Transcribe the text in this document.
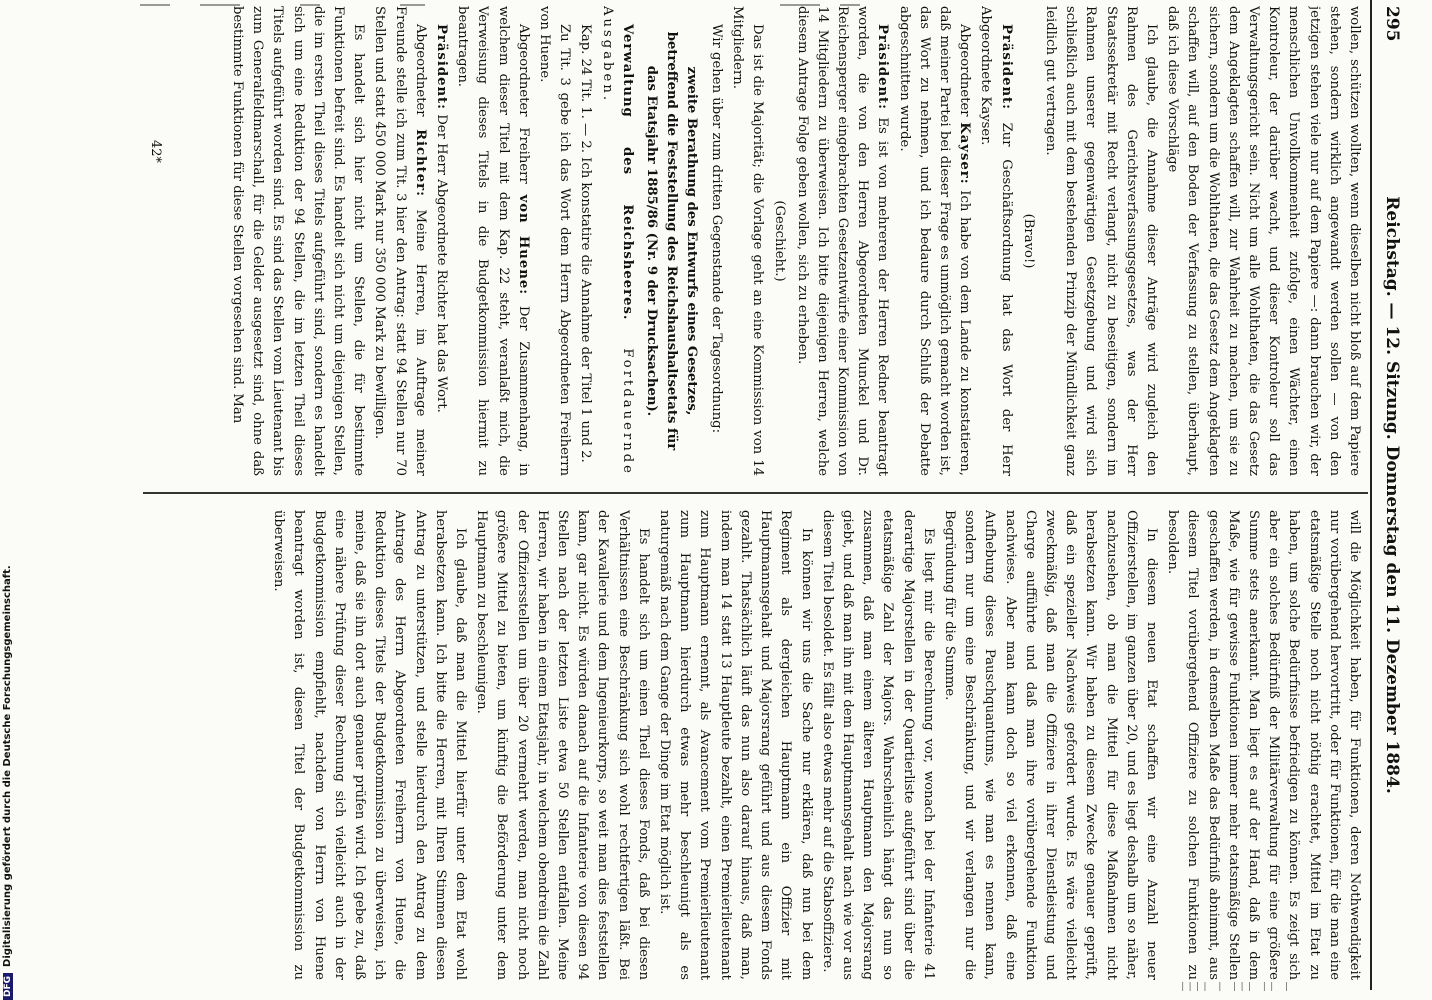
295
Reichstag. — 12. Sitzung. Donnerstag den 11. Dezember 1884.

wollen, schützen wollten, wenn dieselben nicht bloß auf dem Papiere stehen, sondern wirklich angewandt werden sollen — von den jetzigen stehen viele nur auf dem Papiere —: dann brauchen wir, der menschlichen Unvollkommenheit zufolge, einen Wächter, einen Kontroleur, der darüber wacht, und dieser Kontroleur soll das Verwaltungsgericht sein. Nicht um alle Wohlthaten, die das Gesetz dem Angeklagten schaffen will, zur Wahrheit zu machen, um sie zu sichern, sondern um die Wohlthaten, die das Gesetz dem Angeklagten schaffen will, auf den Boden der Verfassung zu stellen, überhaupt, daß ich diese Vorschläge

Ich glaube, die Annahme dieser Anträge wird zugleich den Rahmen des Gerichtsverfassungsgesetzes, was der Herr Staatssekretär mit Recht verlangt, nicht zu beseitigen, sondern im Rahmen unserer gegenwärtigen Gesetzgebung und wird sich schließlich auch mit dem bestehenden Prinzip der Mündlichkeit ganz leidlich gut vertragen.

(Bravo!)

Präsident: Zur Geschäftsordnung hat das Wort der Herr Abgeordnete Kayser.

Abgeordneter Kayser: Ich habe von dem Lande zu konstatieren, daß meiner Partei bei dieser Frage es unmöglich gemacht worden ist, das Wort zu nehmen, und ich bedaure durch Schluß der Debatte abgeschnitten wurde.

Präsident: Es ist von mehreren der Herren Redner beantragt worden, die von den Herren Abgeordneten Munckel und Dr. Reichensperger eingebrachten Gesetzentwürfe einer Kommission von 14 Mitgliedern zu überweisen. Ich bitte diejenigen Herren, welche diesem Antrage Folge geben wollen, sich zu erheben.

(Geschieht.)

Das ist die Majorität; die Vorlage geht an eine Kommission von 14 Mitgliedern.

Wir gehen über zum dritten Gegenstande der Tagesordnung:

zweite Berathung des Entwurfs eines Gesetzes, betreffend die Feststellung des Reichshaushaltsetats für das Etatsjahr 1885/86 (Nr. 9 der Drucksachen).

Verwaltung des Reichsheeres. Fortdauernde Ausgaben.

Kap. 24 Tit. 1. — 2. Ich konstatire die Annahme der Titel 1 und 2.

Zu Tit. 3 gebe ich das Wort dem Herrn Abgeordneten Freiherrn von Huene.

Abgeordneter Freiherr von Huene: Der Zusammenhang, in welchem dieser Titel mit dem Kap. 22 steht, veranlaßt mich, die Verweisung dieses Titels in die Budgetkommission hiermit zu beantragen.

Präsident: Der Herr Abgeordnete Richter hat das Wort.

Abgeordneter Richter: Meine Herren, im Auftrage meiner Freunde stelle ich zum Tit. 3 hier den Antrag: statt 94 Stellen nur 70 Stellen und statt 450 000 Mark nur 350 000 Mark zu bewilligen.

Es handelt sich hier nicht um Stellen, die für bestimmte Funktionen befreit sind. Es handelt sich nicht um diejenigen Stellen, die im ersten Theil dieses Titels aufgeführt sind, sondern es handelt sich um eine Reduktion der 94 Stellen, die im letzten Theil dieses Titels aufgeführt worden sind. Es sind das Stellen vom Lieutenant bis zum Generalfeldmarschall, für die Gelder ausgesetzt sind, ohne daß bestimmte Funktionen für diese Stellen vorgesehen sind. Man

will die Möglichkeit haben, für Funktionen, deren Nothwendigkeit nur vorübergehend hervortritt, oder für Funktionen, für die man eine etatsmäßige Stelle noch nicht nöthig erachtet, Mittel im Etat zu haben, um solche Bedürfnisse befriedigen zu können. Es zeigt sich aber ein solches Bedürfniß der Militärverwaltung für eine größere Summe stets anerkannt. Man liegt es auf der Hand, daß in dem Maße, wie für gewisse Funktionen immer mehr etatsmäßige Stellen geschaffen werden, in demselben Maße das Bedürfniß abnimmt, aus diesem Titel vorübergehend Offiziere zu solchen Funktionen zu besolden.

In diesem neuen Etat schaffen wir eine Anzahl neuer Offizierstellen, im ganzen über 20, und es liegt deshalb um so näher, nachzusehen, ob man die Mittel für diese Maßnahmen nicht herabsetzen kann. Wir haben zu diesem Zwecke genauer geprüft, daß ein spezieller Nachweis gefordert wurde. Es wäre vielleicht zweckmäßig, daß man die Offiziere in ihrer Dienstleistung und Charge aufführte und daß man ihre vorübergehende Funktion nachwiese. Aber man kann doch so viel erkennen, daß eine Aufhebung dieses Pauschquantums, wie man es nennen kann, sondern nur um eine Beschränkung, und wir verlangen nur die Begründung für die Summe.

Es liegt mir die Berechnung vor, wonach bei der Infanterie 41 derartige Majorstellen in der Quartierliste aufgeführt sind über die etatsmäßige Zahl der Majors. Wahrscheinlich hängt das nun so zusammen, daß man einem älteren Hauptmann den Majorsrang giebt, und daß man ihn mit dem Hauptmannsgehalt nach wie vor aus diesem Titel besoldet. Es fällt also etwas mehr auf die Stabsoffiziere.

In können wir uns die Sache nur erklären, daß nun bei dem Regiment als dergleichen Hauptmann ein Offizier mit Hauptmannsgehalt und Majorsrang geführt und aus diesem Fonds gezahlt. Thatsächlich läuft das nun also darauf hinaus, daß man, indem man 14 statt 13 Hauptleute bezahlt, einen Premierlieutenant zum Hauptmann ernennt, als Avancement vom Premierlieutenant zum Hauptmann hierdurch etwas mehr beschleunigt als es naturgemäß nach dem Gange der Dinge im Etat möglich ist.

Es handelt sich um einen Theil dieses Fonds, daß bei diesen Verhältnissen eine Beschränkung sich wohl rechtfertigen läßt. Bei der Kavallerie und dem Ingenieurkorps, so weit man dies feststellen kann, gar nicht. Es würden danach auf die Infanterie von diesen 94 Stellen nach der letzten Liste etwa 50 Stellen entfallen. Meine Herren, wir haben in einem Etatsjahr, in welchem obendrein die Zahl der Offiziersstellen um über 20 vermehrt werden, man nicht noch größere Mittel zu bieten, um künftig die Beförderung unter dem Hauptmann zu beschleunigen.

Ich glaube, daß man die Mittel hierfür unter dem Etat wohl herabsetzen kann. Ich bitte die Herren, mit Ihren Stimmen diesen Antrag zu unterstützen, und stelle hierdurch den Antrag zu dem Antrage des Herrn Abgeordneten Freiherrn von Huene, die Reduktion dieses Titels der Budgetkommission zu überweisen, ich meine, daß sie ihn dort auch genauer prüfen wird. Ich gebe zu, daß eine nähere Prüfung dieser Rechnung sich vielleicht auch in der Budgetkommission empfiehlt, nachdem von Herrn von Huene beantragt worden ist, diesen Titel der Budgetkommission zu überweisen.

42*
DFGDigitalisierung gefördert durch die Deutsche Forschungsgemeinschaft.
|||| | ||| || |
